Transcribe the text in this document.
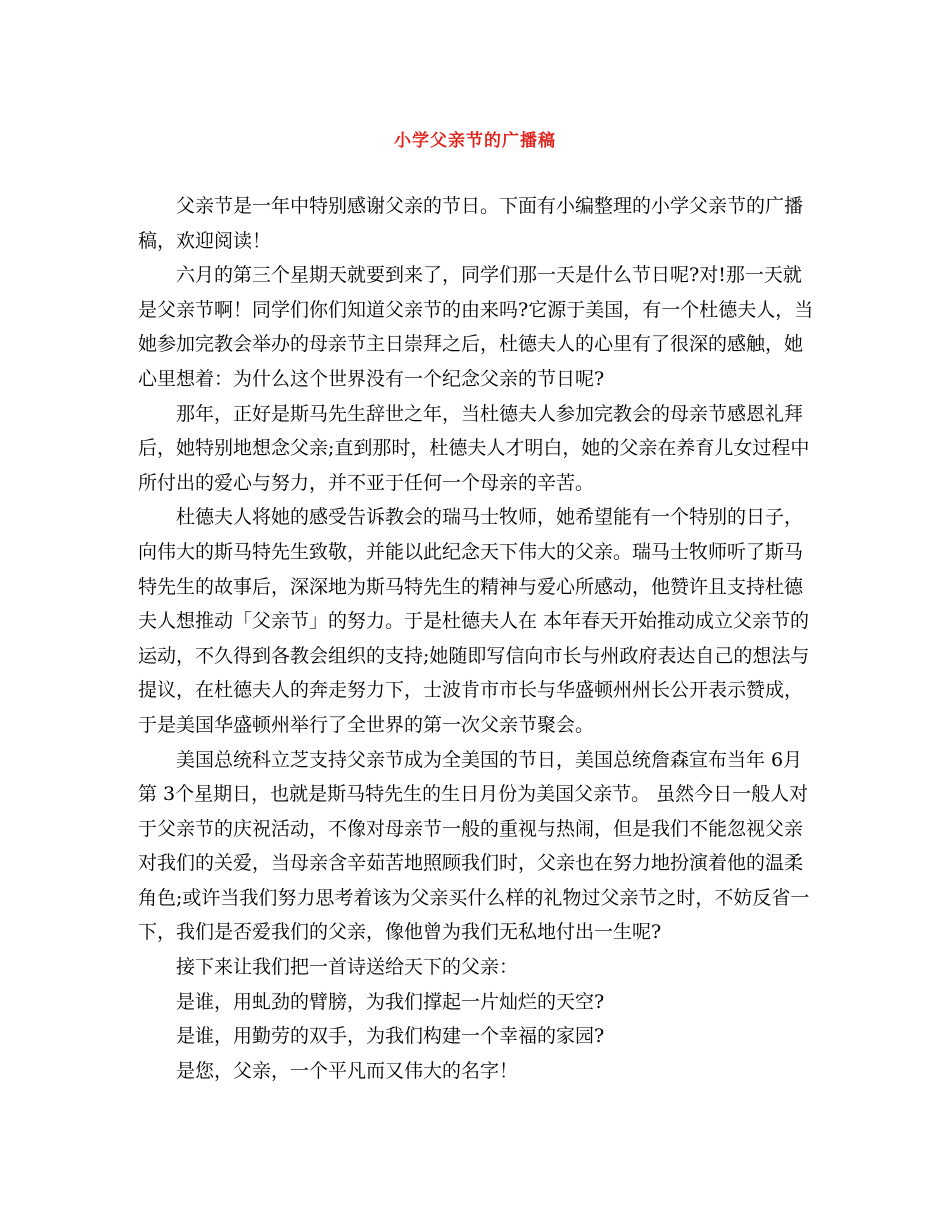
小学父亲节的广播稿

父亲节是一年中特别感谢父亲的节日。下面有小编整理的小学父亲节的广播稿，欢迎阅读！

六月的第三个星期天就要到来了，同学们那一天是什么节日呢?对!那一天就是父亲节啊！同学们你们知道父亲节的由来吗?它源于美国，有一个杜德夫人，当她参加完教会举办的母亲节主日崇拜之后，杜德夫人的心里有了很深的感触，她心里想着：为什么这个世界没有一个纪念父亲的节日呢?

那年，正好是斯马先生辞世之年，当杜德夫人参加完教会的母亲节感恩礼拜后，她特别地想念父亲;直到那时，杜德夫人才明白，她的父亲在养育儿女过程中所付出的爱心与努力，并不亚于任何一个母亲的辛苦。

杜德夫人将她的感受告诉教会的瑞马士牧师，她希望能有一个特别的日子，向伟大的斯马特先生致敬，并能以此纪念天下伟大的父亲。瑞马士牧师听了斯马特先生的故事后，深深地为斯马特先生的精神与爱心所感动，他赞许且支持杜德夫人想推动「父亲节」的努力。于是杜德夫人在 本年春天开始推动成立父亲节的运动，不久得到各教会组织的支持;她随即写信向市长与州政府表达自己的想法与提议，在杜德夫人的奔走努力下，士波肯市市长与华盛顿州州长公开表示赞成，于是美国华盛顿州举行了全世界的第一次父亲节聚会。

美国总统科立芝支持父亲节成为全美国的节日，美国总统詹森宣布当年 6月第 3个星期日，也就是斯马特先生的生日月份为美国父亲节。 虽然今日一般人对于父亲节的庆祝活动，不像对母亲节一般的重视与热闹，但是我们不能忽视父亲对我们的关爱，当母亲含辛茹苦地照顾我们时，父亲也在努力地扮演着他的温柔角色;或许当我们努力思考着该为父亲买什么样的礼物过父亲节之时，不妨反省一下，我们是否爱我们的父亲，像他曾为我们无私地付出一生呢?

接下来让我们把一首诗送给天下的父亲：

是谁，用虬劲的臂膀，为我们撑起一片灿烂的天空?

是谁，用勤劳的双手，为我们构建一个幸福的家园?

是您，父亲，一个平凡而又伟大的名字！
